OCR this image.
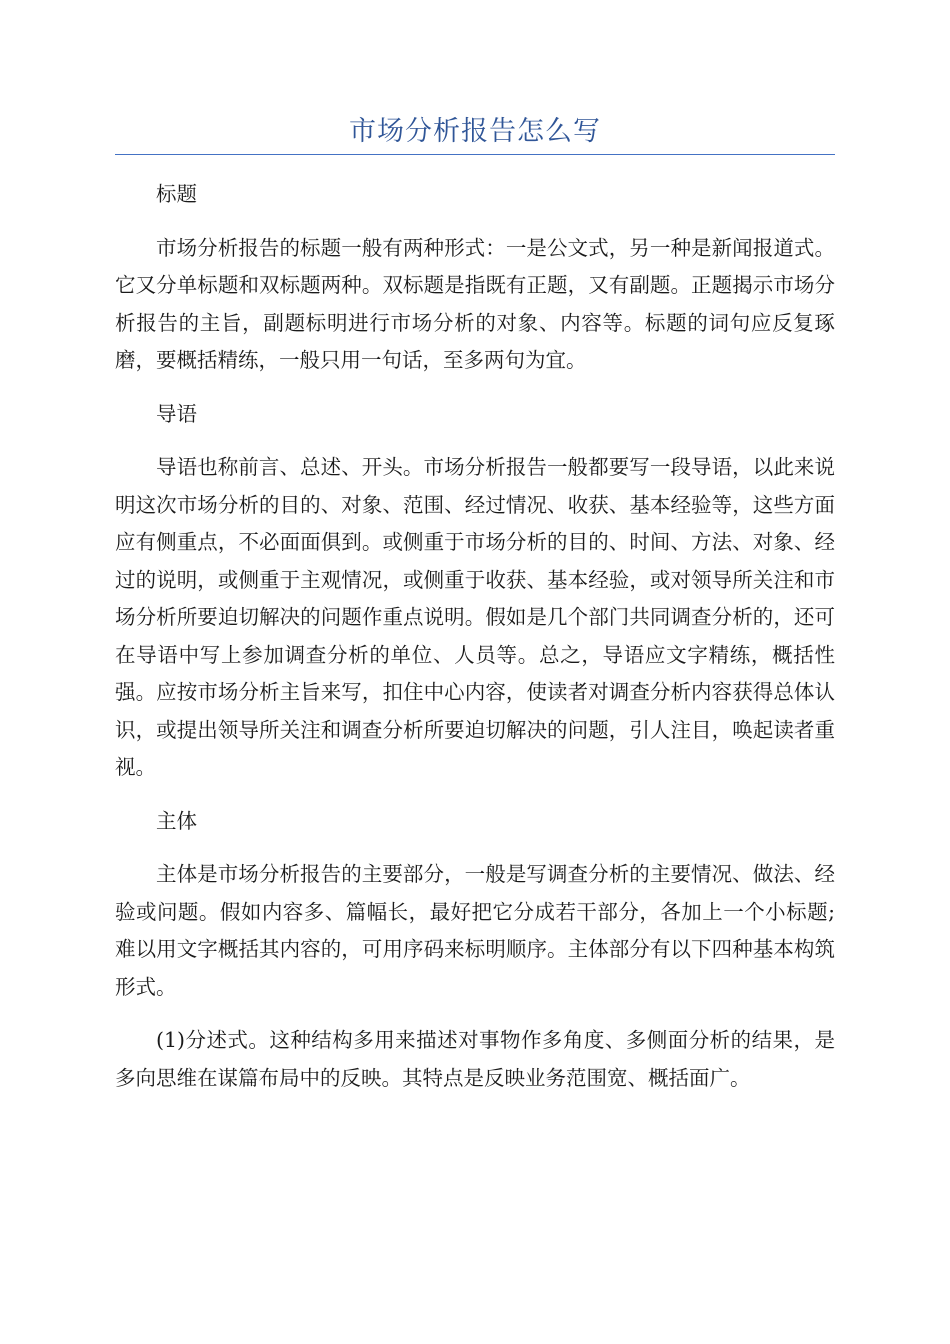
市场分析报告怎么写

标题

市场分析报告的标题一般有两种形式：一是公文式，另一种是新闻报道式。它又分单标题和双标题两种。双标题是指既有正题，又有副题。正题揭示市场分析报告的主旨，副题标明进行市场分析的对象、内容等。标题的词句应反复琢磨，要概括精练，一般只用一句话，至多两句为宜。

导语

导语也称前言、总述、开头。市场分析报告一般都要写一段导语，以此来说明这次市场分析的目的、对象、范围、经过情况、收获、基本经验等，这些方面应有侧重点，不必面面俱到。或侧重于市场分析的目的、时间、方法、对象、经过的说明，或侧重于主观情况，或侧重于收获、基本经验，或对领导所关注和市场分析所要迫切解决的问题作重点说明。假如是几个部门共同调查分析的，还可在导语中写上参加调查分析的单位、人员等。总之，导语应文字精练，概括性强。应按市场分析主旨来写，扣住中心内容，使读者对调查分析内容获得总体认识，或提出领导所关注和调查分析所要迫切解决的问题，引人注目，唤起读者重视。

主体

主体是市场分析报告的主要部分，一般是写调查分析的主要情况、做法、经验或问题。假如内容多、篇幅长，最好把它分成若干部分，各加上一个小标题;难以用文字概括其内容的，可用序码来标明顺序。主体部分有以下四种基本构筑形式。

(1)分述式。这种结构多用来描述对事物作多角度、多侧面分析的结果，是多向思维在谋篇布局中的反映。其特点是反映业务范围宽、概括面广。
